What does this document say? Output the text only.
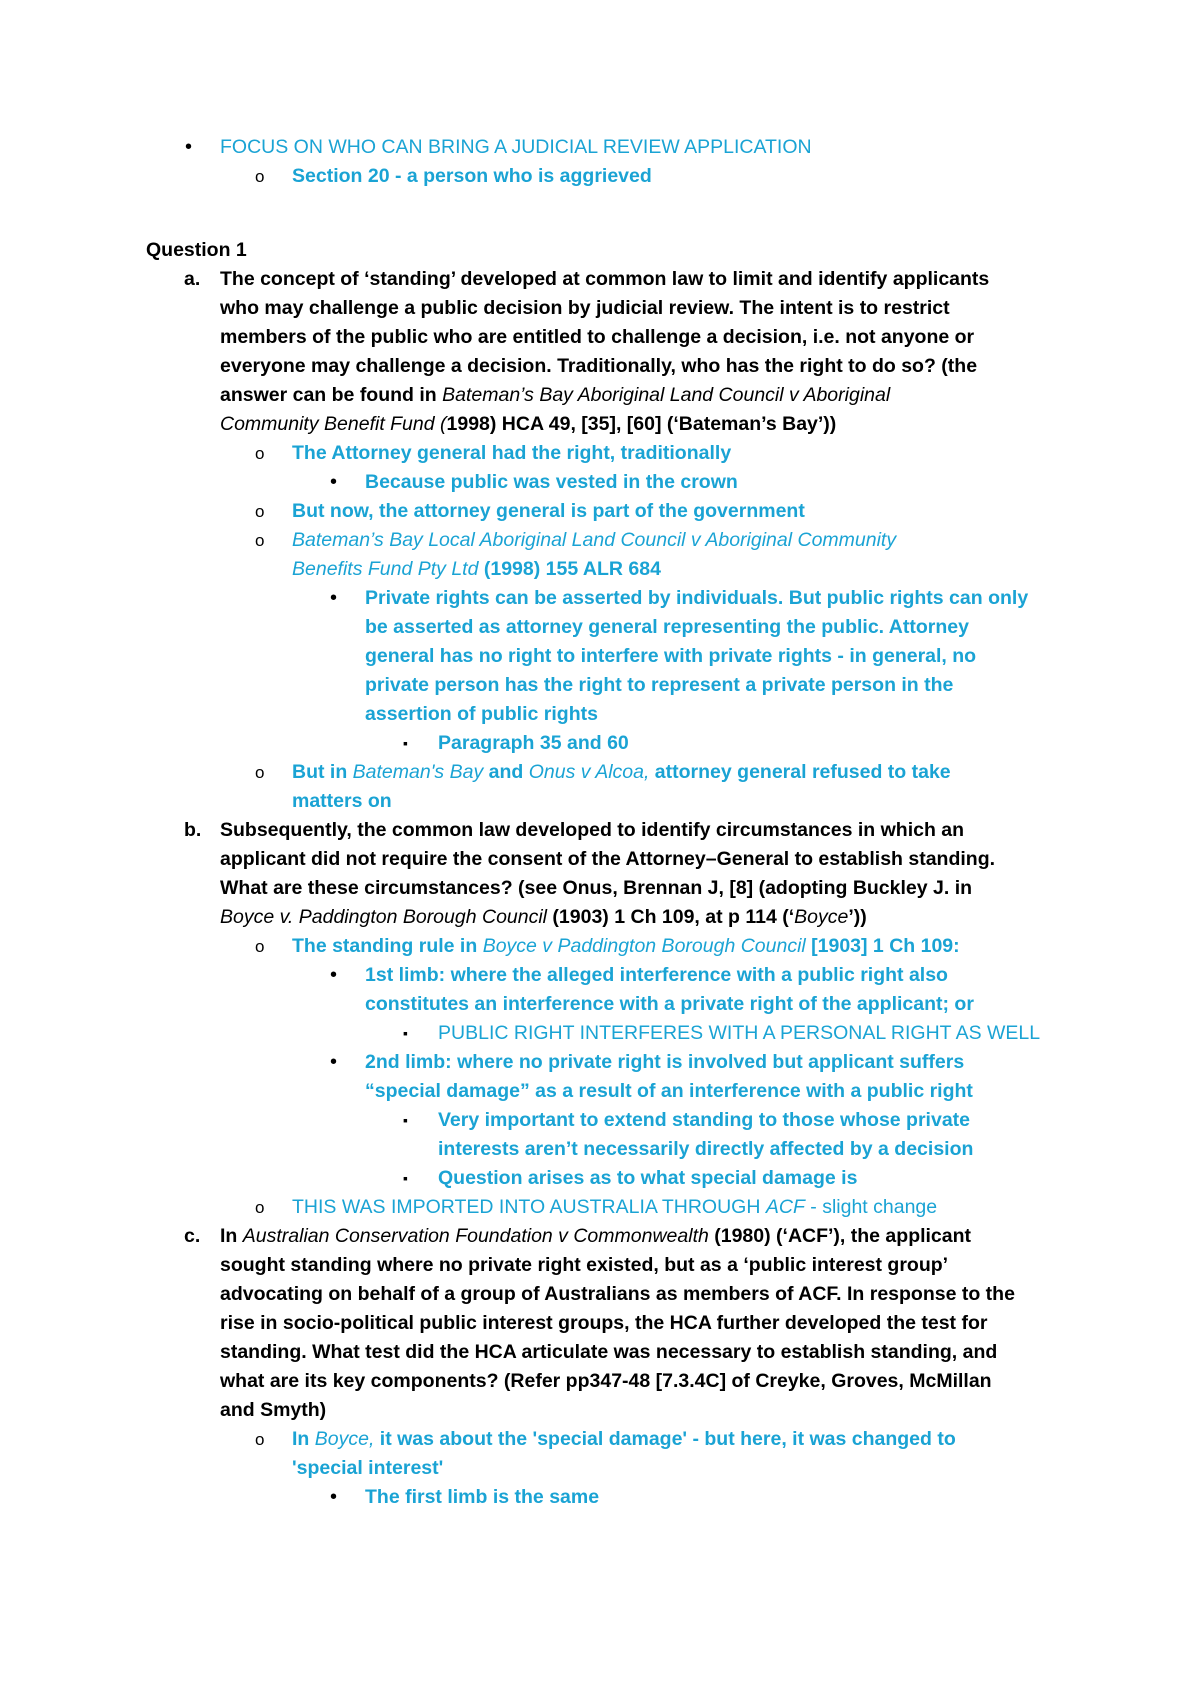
• FOCUS ON WHO CAN BRING A JUDICIAL REVIEW APPLICATION
o Section 20 - a person who is aggrieved
Question 1
a. The concept of ‘standing’ developed at common law to limit and identify applicants
who may challenge a public decision by judicial review. The intent is to restrict
members of the public who are entitled to challenge a decision, i.e. not anyone or
everyone may challenge a decision. Traditionally, who has the right to do so? (the
answer can be found in Bateman’s Bay Aboriginal Land Council v Aboriginal
Community Benefit Fund (1998) HCA 49, [35], [60] (‘Bateman’s Bay’))
o The Attorney general had the right, traditionally
• Because public was vested in the crown
o But now, the attorney general is part of the government
o Bateman’s Bay Local Aboriginal Land Council v Aboriginal Community
Benefits Fund Pty Ltd (1998) 155 ALR 684
• Private rights can be asserted by individuals. But public rights can only
be asserted as attorney general representing the public. Attorney
general has no right to interfere with private rights - in general, no
private person has the right to represent a private person in the
assertion of public rights
▪ Paragraph 35 and 60
o But in Bateman's Bay and Onus v Alcoa, attorney general refused to take
matters on
b. Subsequently, the common law developed to identify circumstances in which an
applicant did not require the consent of the Attorney–General to establish standing.
What are these circumstances? (see Onus, Brennan J, [8] (adopting Buckley J. in
Boyce v. Paddington Borough Council (1903) 1 Ch 109, at p 114 (‘Boyce’))
o The standing rule in Boyce v Paddington Borough Council [1903] 1 Ch 109:
• 1st limb: where the alleged interference with a public right also
constitutes an interference with a private right of the applicant; or
▪ PUBLIC RIGHT INTERFERES WITH A PERSONAL RIGHT AS WELL
• 2nd limb: where no private right is involved but applicant suffers
“special damage” as a result of an interference with a public right
▪ Very important to extend standing to those whose private
interests aren’t necessarily directly affected by a decision
▪ Question arises as to what special damage is
o THIS WAS IMPORTED INTO AUSTRALIA THROUGH ACF - slight change
c. In Australian Conservation Foundation v Commonwealth (1980) (‘ACF’), the applicant
sought standing where no private right existed, but as a ‘public interest group’
advocating on behalf of a group of Australians as members of ACF. In response to the
rise in socio-political public interest groups, the HCA further developed the test for
standing. What test did the HCA articulate was necessary to establish standing, and
what are its key components? (Refer pp347-48 [7.3.4C] of Creyke, Groves, McMillan
and Smyth)
o In Boyce, it was about the 'special damage' - but here, it was changed to
'special interest'
• The first limb is the same
